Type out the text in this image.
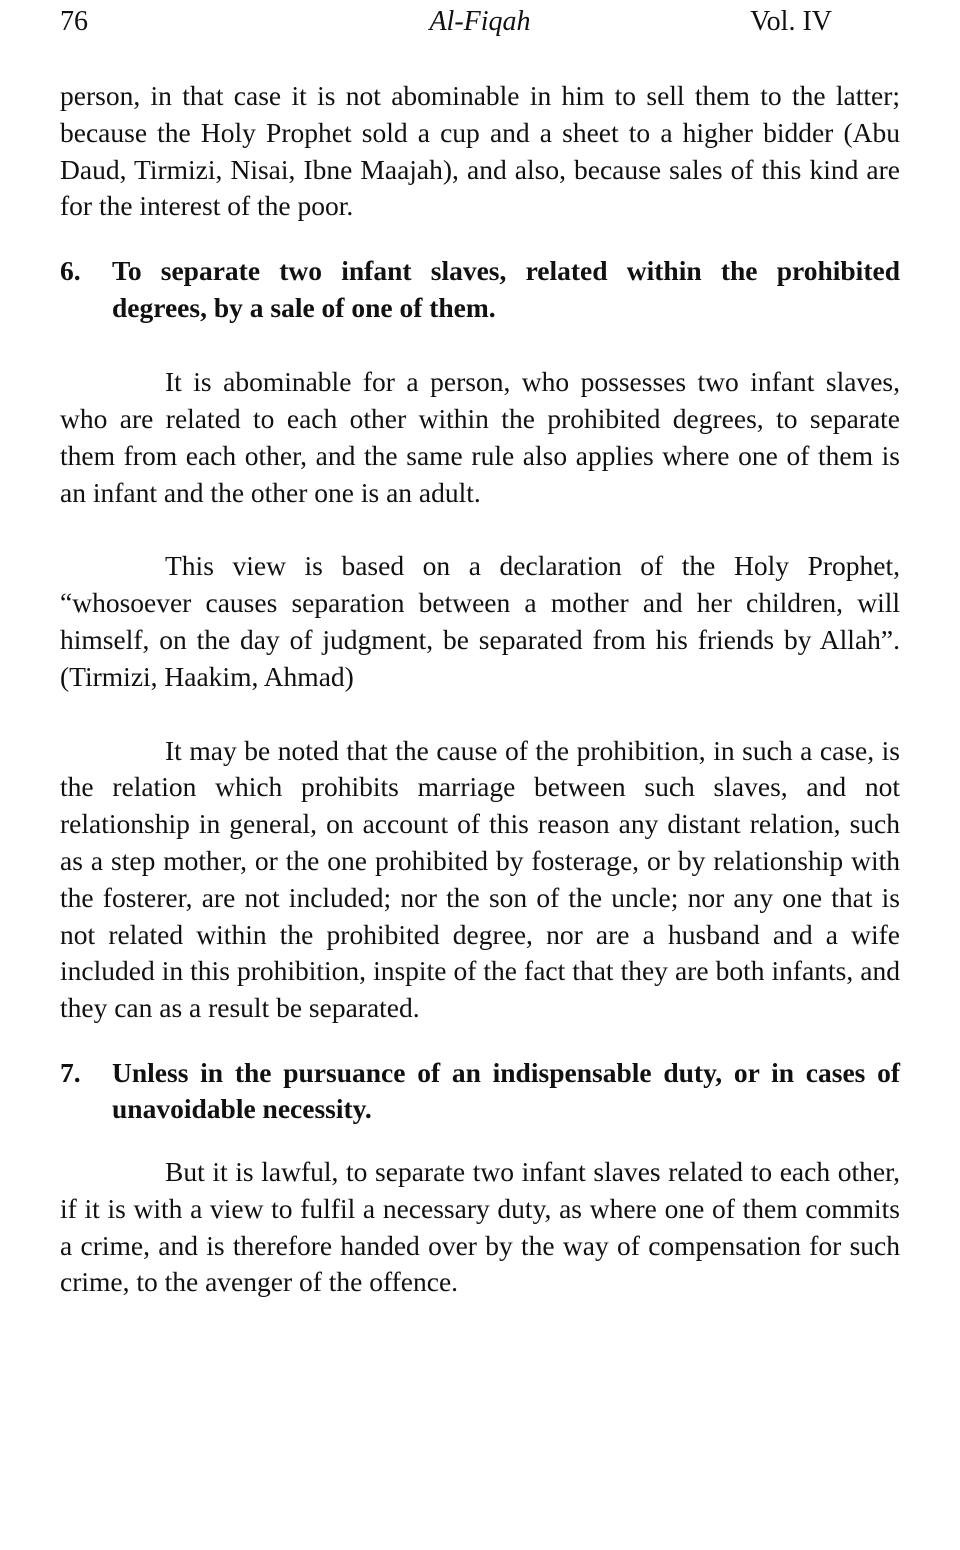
76	Al-Fiqah	Vol. IV

person, in that case it is not abominable in him to sell them to the latter; because the Holy Prophet sold a cup and a sheet to a higher bidder (Abu Daud, Tirmizi, Nisai, Ibne Maajah), and also, because sales of this kind are for the interest of the poor.

6.	To separate two infant slaves, related within the prohibited degrees, by a sale of one of them.

It is abominable for a person, who possesses two infant slaves, who are related to each other within the prohibited degrees, to separate them from each other, and the same rule also applies where one of them is an infant and the other one is an adult.

This view is based on a declaration of the Holy Prophet, “whosoever causes separation between a mother and her children, will himself, on the day of judgment, be separated from his friends by Allah”. (Tirmizi, Haakim, Ahmad)

It may be noted that the cause of the prohibition, in such a case, is the relation which prohibits marriage between such slaves, and not relationship in general, on account of this reason any distant relation, such as a step mother, or the one prohibited by fosterage, or by relationship with the fosterer, are not included; nor the son of the uncle; nor any one that is not related within the prohibited degree, nor are a husband and a wife included in this prohibition, inspite of the fact that they are both infants, and they can as a result be separated.

7.	Unless in the pursuance of an indispensable duty, or in cases of unavoidable necessity.

But it is lawful, to separate two infant slaves related to each other, if it is with a view to fulfil a necessary duty, as where one of them commits a crime, and is therefore handed over by the way of compensation for such crime, to the avenger of the offence.
